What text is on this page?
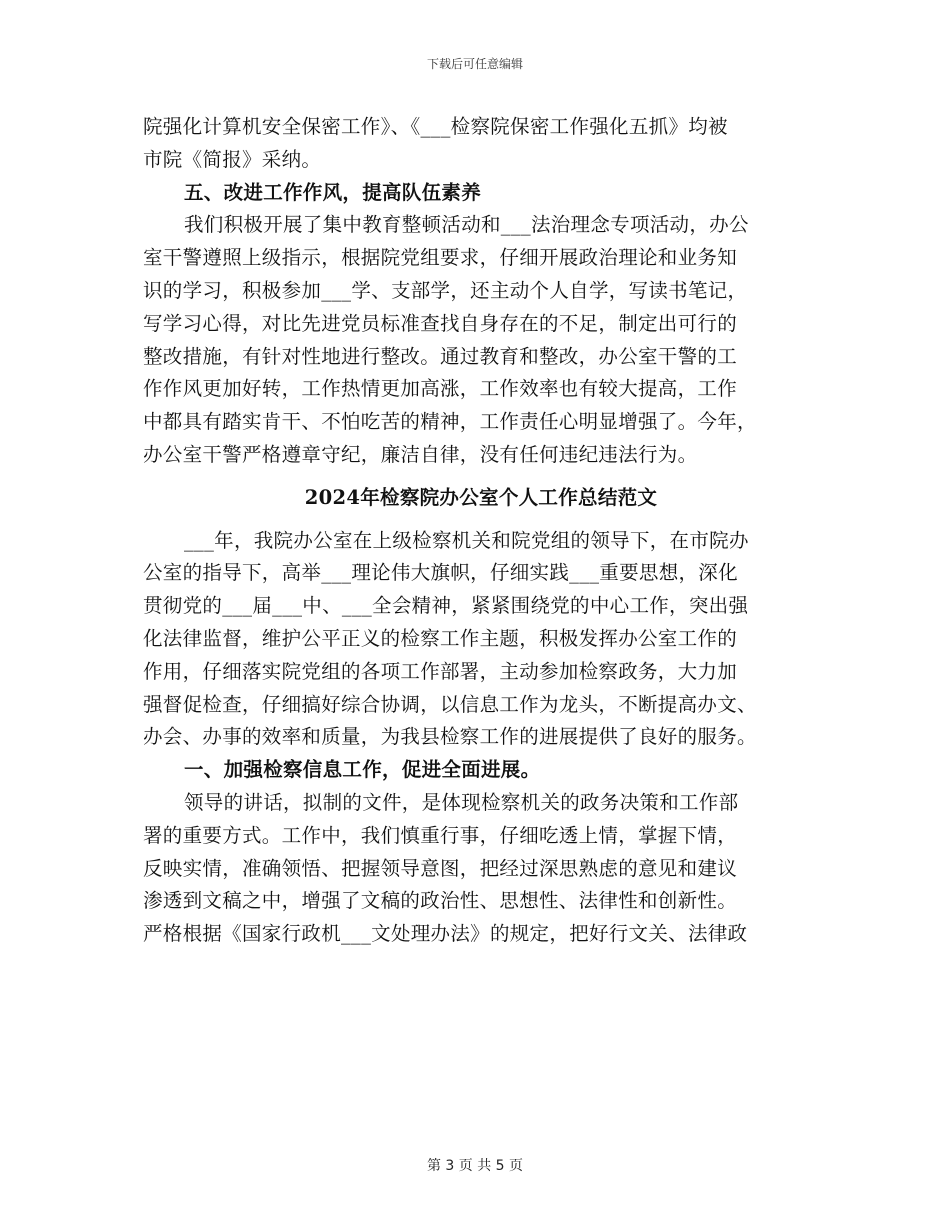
下载后可任意编辑
院强化计算机安全保密工作》、《___检察院保密工作强化五抓》均被
市院《简报》采纳。
五、改进工作作风，提高队伍素养
我们积极开展了集中教育整顿活动和___法治理念专项活动，办公
室干警遵照上级指示，根据院党组要求，仔细开展政治理论和业务知
识的学习，积极参加___学、支部学，还主动个人自学，写读书笔记，
写学习心得，对比先进党员标准查找自身存在的不足，制定出可行的
整改措施，有针对性地进行整改。通过教育和整改，办公室干警的工
作作风更加好转，工作热情更加高涨，工作效率也有较大提高，工作
中都具有踏实肯干、不怕吃苦的精神，工作责任心明显增强了。今年，
办公室干警严格遵章守纪，廉洁自律，没有任何违纪违法行为。
2024年检察院办公室个人工作总结范文
___年，我院办公室在上级检察机关和院党组的领导下，在市院办
公室的指导下，高举___理论伟大旗帜，仔细实践___重要思想，深化
贯彻党的___届___中、___全会精神，紧紧围绕党的中心工作，突出强
化法律监督，维护公平正义的检察工作主题，积极发挥办公室工作的
作用，仔细落实院党组的各项工作部署，主动参加检察政务，大力加
强督促检查，仔细搞好综合协调，以信息工作为龙头，不断提高办文、
办会、办事的效率和质量，为我县检察工作的进展提供了良好的服务。
一、加强检察信息工作，促进全面进展。
领导的讲话，拟制的文件，是体现检察机关的政务决策和工作部
署的重要方式。工作中，我们慎重行事，仔细吃透上情，掌握下情，
反映实情，准确领悟、把握领导意图，把经过深思熟虑的意见和建议
渗透到文稿之中，增强了文稿的政治性、思想性、法律性和创新性。
严格根据《国家行政机___文处理办法》的规定，把好行文关、法律政
第 3 页 共 5 页
